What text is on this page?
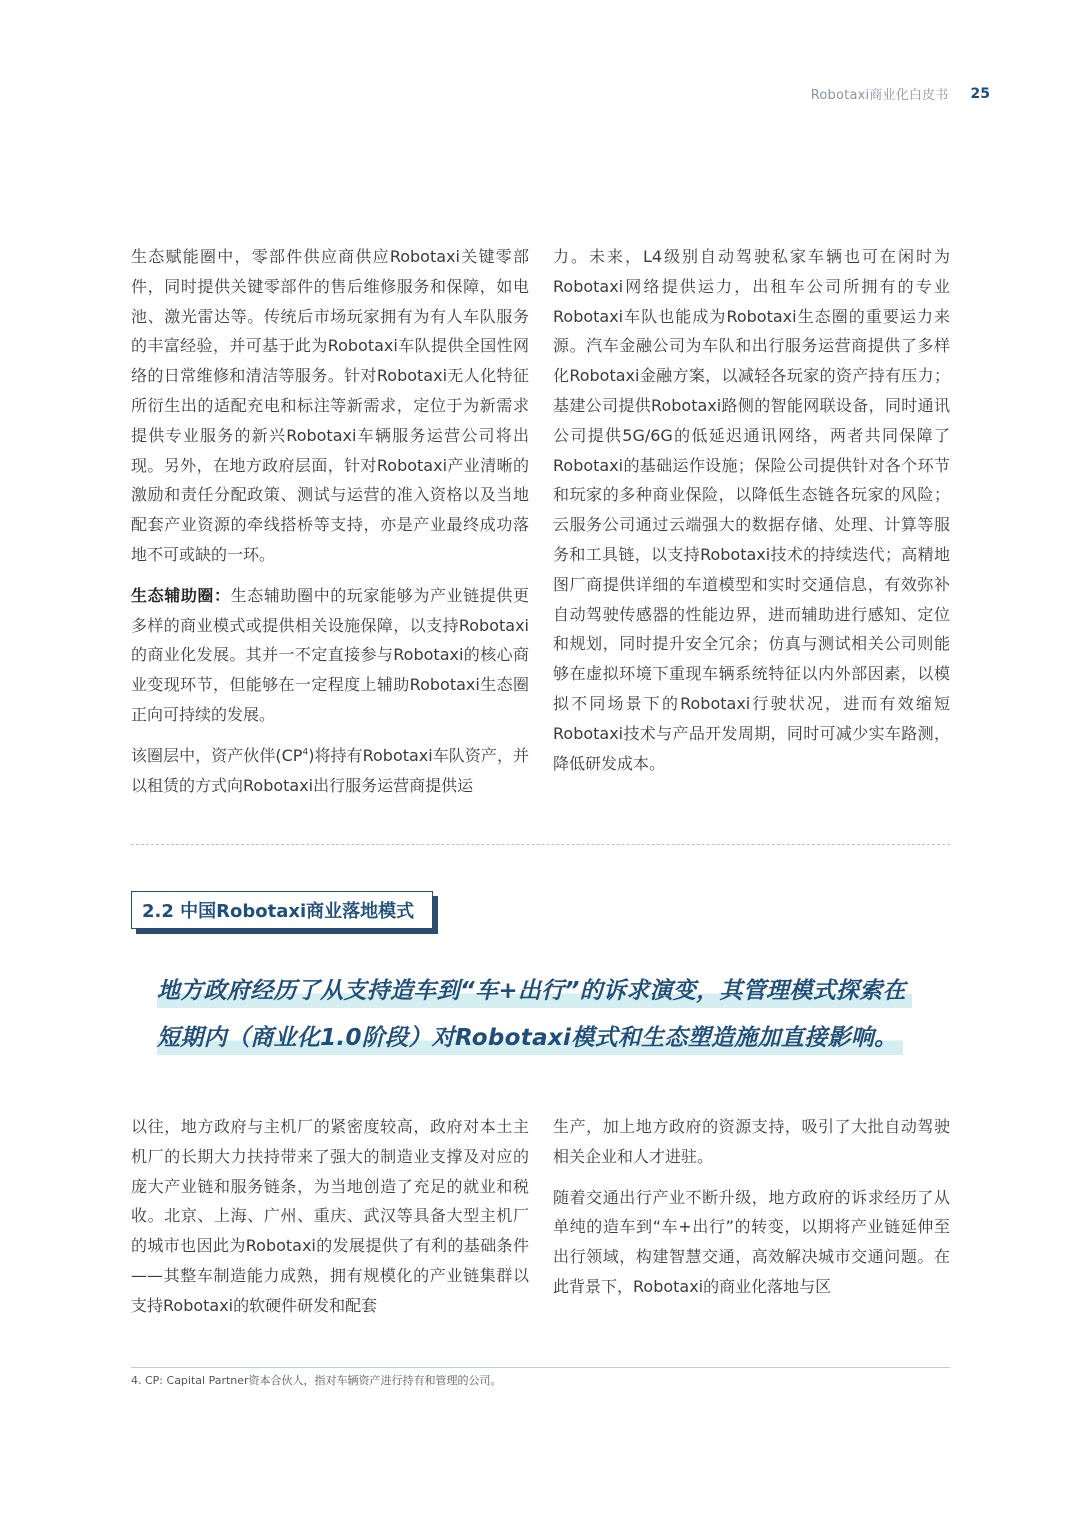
Robotaxi商业化白皮书 25

生态赋能圈中，零部件供应商供应Robotaxi关键零部件，同时提供关键零部件的售后维修服务和保障，如电池、激光雷达等。传统后市场玩家拥有为有人车队服务的丰富经验，并可基于此为Robotaxi车队提供全国性网络的日常维修和清洁等服务。针对Robotaxi无人化特征所衍生出的适配充电和标注等新需求，定位于为新需求提供专业服务的新兴Robotaxi车辆服务运营公司将出现。另外，在地方政府层面，针对Robotaxi产业清晰的激励和责任分配政策、测试与运营的准入资格以及当地配套产业资源的牵线搭桥等支持，亦是产业最终成功落地不可或缺的一环。

生态辅助圈：生态辅助圈中的玩家能够为产业链提供更多样的商业模式或提供相关设施保障，以支持Robotaxi的商业化发展。其并一不定直接参与Robotaxi的核心商业变现环节，但能够在一定程度上辅助Robotaxi生态圈正向可持续的发展。

该圈层中，资产伙伴$(CP^4)$将持有Robotaxi车队资产，并以租赁的方式向Robotaxi出行服务运营商提供运

力。未来，L4级别自动驾驶私家车辆也可在闲时为Robotaxi网络提供运力，出租车公司所拥有的专业Robotaxi车队也能成为Robotaxi生态圈的重要运力来源。汽车金融公司为车队和出行服务运营商提供了多样化Robotaxi金融方案，以减轻各玩家的资产持有压力；基建公司提供Robotaxi路侧的智能网联设备，同时通讯公司提供5G/6G的低延迟通讯网络，两者共同保障了Robotaxi的基础运作设施；保险公司提供针对各个环节和玩家的多种商业保险，以降低生态链各玩家的风险；云服务公司通过云端强大的数据存储、处理、计算等服务和工具链，以支持Robotaxi技术的持续迭代；高精地图厂商提供详细的车道模型和实时交通信息，有效弥补自动驾驶传感器的性能边界，进而辅助进行感知、定位和规划，同时提升安全冗余；仿真与测试相关公司则能够在虚拟环境下重现车辆系统特征以内外部因素，以模拟不同场景下的Robotaxi行驶状况，进而有效缩短Robotaxi技术与产品开发周期，同时可减少实车路测，降低研发成本。

2.2 中国Robotaxi商业落地模式
地方政府经历了从支持造车到“车+出行”的诉求演变，其管理模式探索在
短期内（商业化1.0阶段）对Robotaxi模式和生态塑造施加直接影响。

以往，地方政府与主机厂的紧密度较高，政府对本土主机厂的长期大力扶持带来了强大的制造业支撑及对应的庞大产业链和服务链条，为当地创造了充足的就业和税收。北京、上海、广州、重庆、武汉等具备大型主机厂的城市也因此为Robotaxi的发展提供了有利的基础条件——其整车制造能力成熟，拥有规模化的产业链集群以支持Robotaxi的软硬件研发和配套

生产，加上地方政府的资源支持，吸引了大批自动驾驶相关企业和人才进驻。

随着交通出行产业不断升级，地方政府的诉求经历了从单纯的造车到“车+出行”的转变，以期将产业链延伸至出行领域，构建智慧交通，高效解决城市交通问题。在此背景下，Robotaxi的商业化落地与区

4. CP: Capital Partner资本合伙人，指对车辆资产进行持有和管理的公司。
